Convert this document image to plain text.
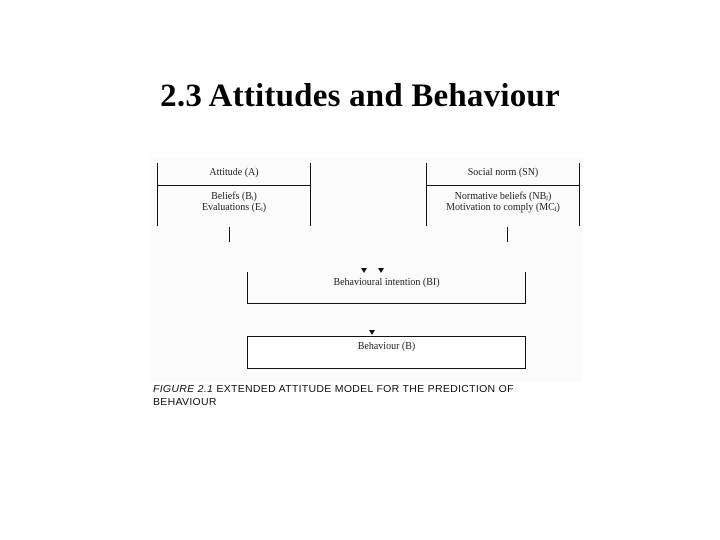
2.3 Attitudes and Behaviour
Attitude (A)
Beliefs (Bᵢ)
Evaluations (Eᵢ)
Social norm (SN)
Normative beliefs (NBⱼ)
Motivation to comply (MCⱼ)
Behavioural intention (BI)
Behaviour (B)
FIGURE 2.1 EXTENDED ATTITUDE MODEL FOR THE PREDICTION OF BEHAVIOUR
